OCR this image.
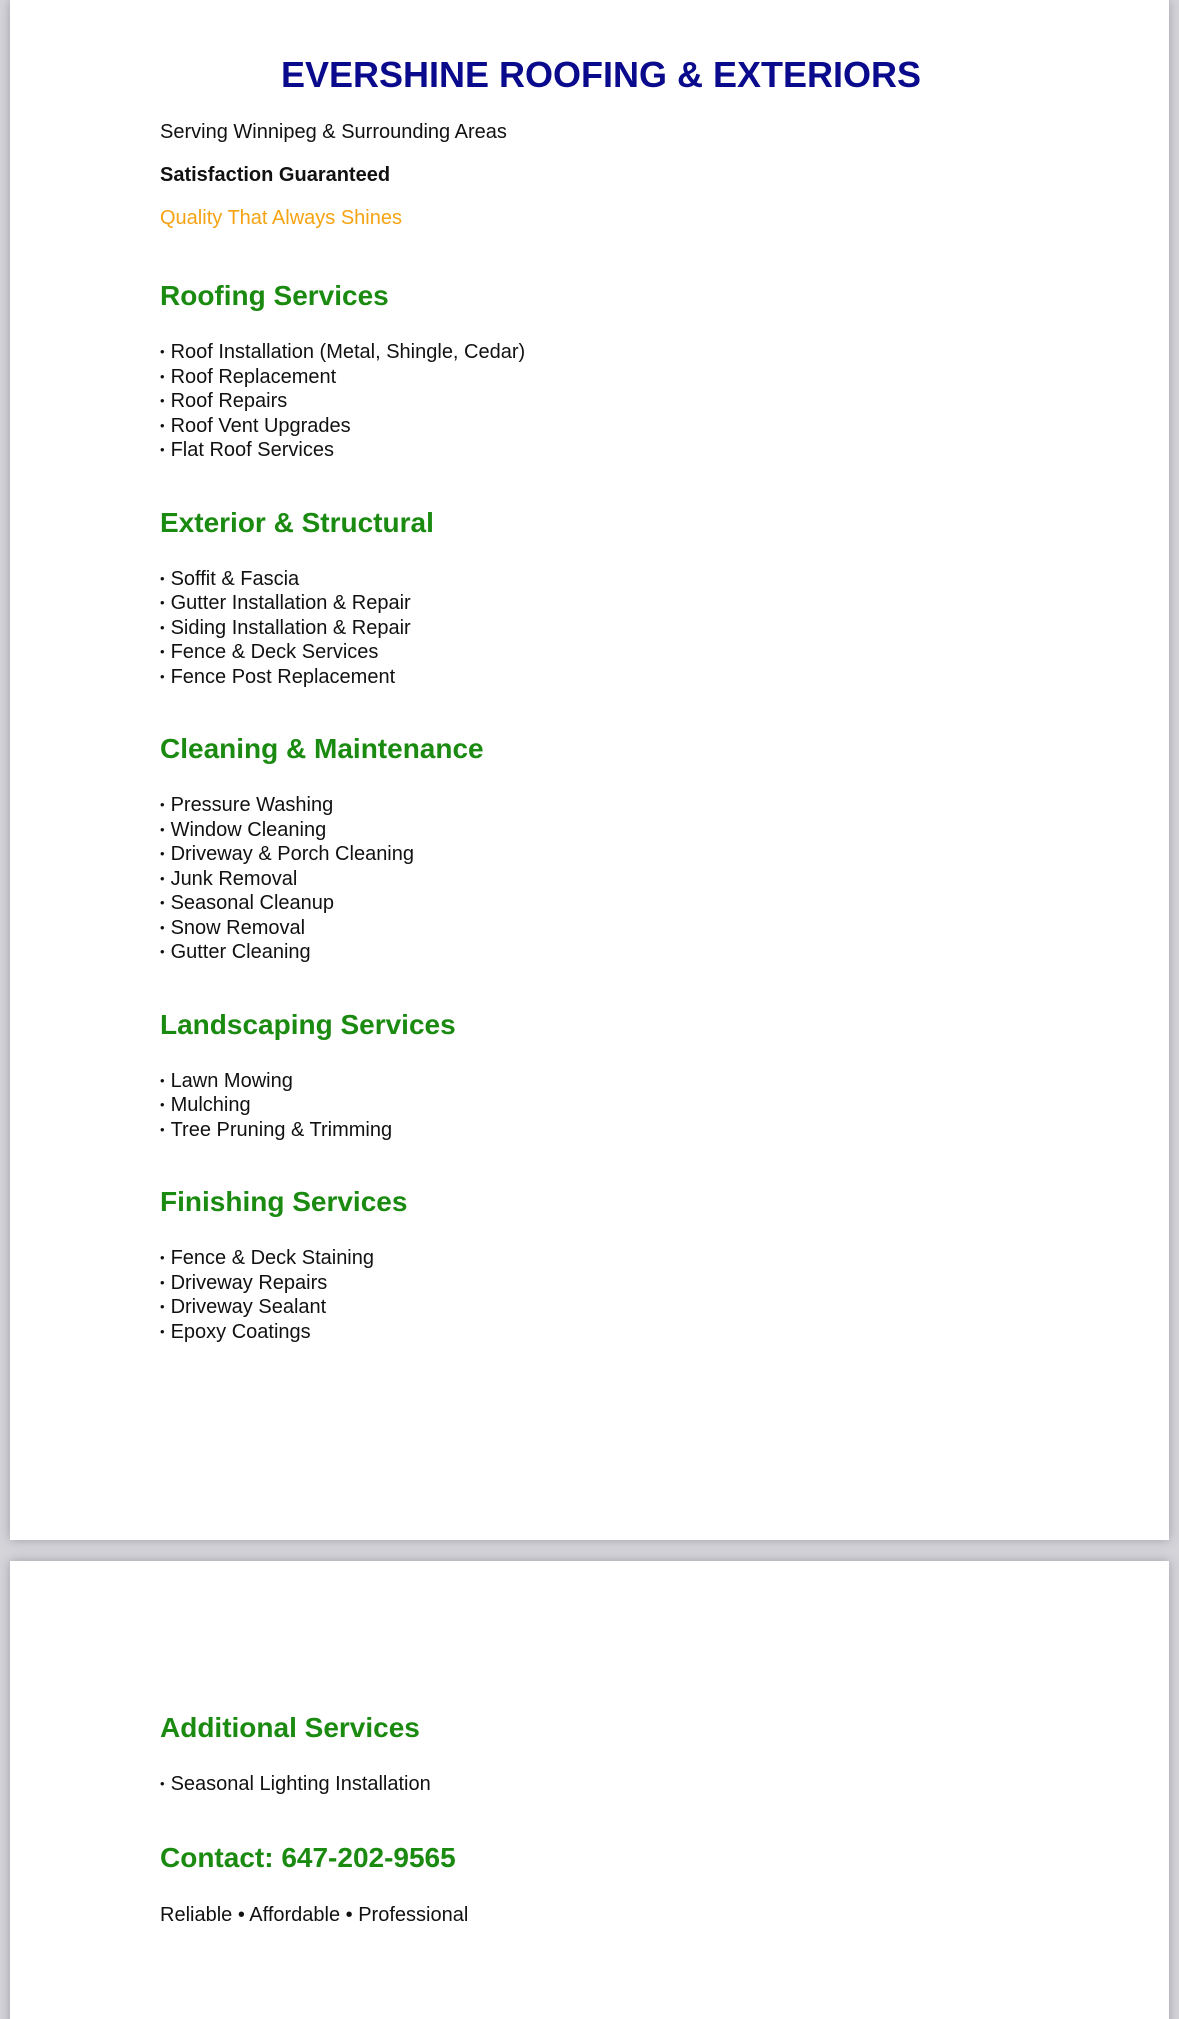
EVERSHINE ROOFING & EXTERIORS

Serving Winnipeg & Surrounding Areas

Satisfaction Guaranteed

Quality That Always Shines

Roofing Services
• Roof Installation (Metal, Shingle, Cedar)
• Roof Replacement
• Roof Repairs
• Roof Vent Upgrades
• Flat Roof Services
Exterior & Structural
• Soffit & Fascia
• Gutter Installation & Repair
• Siding Installation & Repair
• Fence & Deck Services
• Fence Post Replacement
Cleaning & Maintenance
• Pressure Washing
• Window Cleaning
• Driveway & Porch Cleaning
• Junk Removal
• Seasonal Cleanup
• Snow Removal
• Gutter Cleaning
Landscaping Services
• Lawn Mowing
• Mulching
• Tree Pruning & Trimming
Finishing Services
• Fence & Deck Staining
• Driveway Repairs
• Driveway Sealant
• Epoxy Coatings
Additional Services
• Seasonal Lighting Installation
Contact: 647-202-9565

Reliable • Affordable • Professional
